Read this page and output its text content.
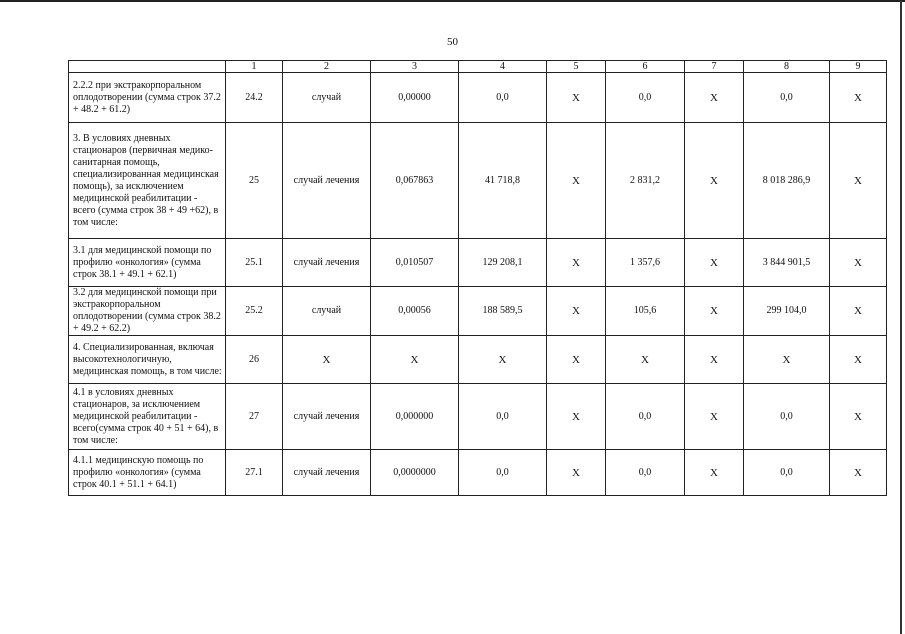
50
	1	2	3	4	5	6	7	8	9
2.2.2 при экстракорпоральном оплодотворении (сумма строк 37.2 + 48.2 + 61.2)	24.2	случай	0,00000	0,0	X	0,0	X	0,0	X
3. В условиях дневных стационаров (первичная медико-санитарная помощь, специализированная медицинская помощь), за исключением медицинской реабилитации - всего (сумма строк 38 + 49 +62), в том числе:	25	случай лечения	0,067863	41 718,8	X	2 831,2	X	8 018 286,9	X
3.1 для медицинской помощи по профилю «онкология» (сумма строк 38.1 + 49.1 + 62.1)	25.1	случай лечения	0,010507	129 208,1	X	1 357,6	X	3 844 901,5	X
3.2 для медицинской помощи при экстракорпоральном оплодотворении (сумма строк 38.2 + 49.2 + 62.2)	25.2	случай	0,00056	188 589,5	X	105,6	X	299 104,0	X
4. Специализированная, включая высокотехнологичную, медицинская помощь, в том числе:	26	X	X	X	X	X	X	X	X
4.1 в условиях дневных стационаров, за исключением медицинской реабилитации - всего(сумма строк 40 + 51 + 64), в том числе:	27	случай лечения	0,000000	0,0	X	0,0	X	0,0	X
4.1.1 медицинскую помощь по профилю «онкология» (сумма строк 40.1 + 51.1 + 64.1)	27.1	случай лечения	0,0000000	0,0	X	0,0	X	0,0	X
